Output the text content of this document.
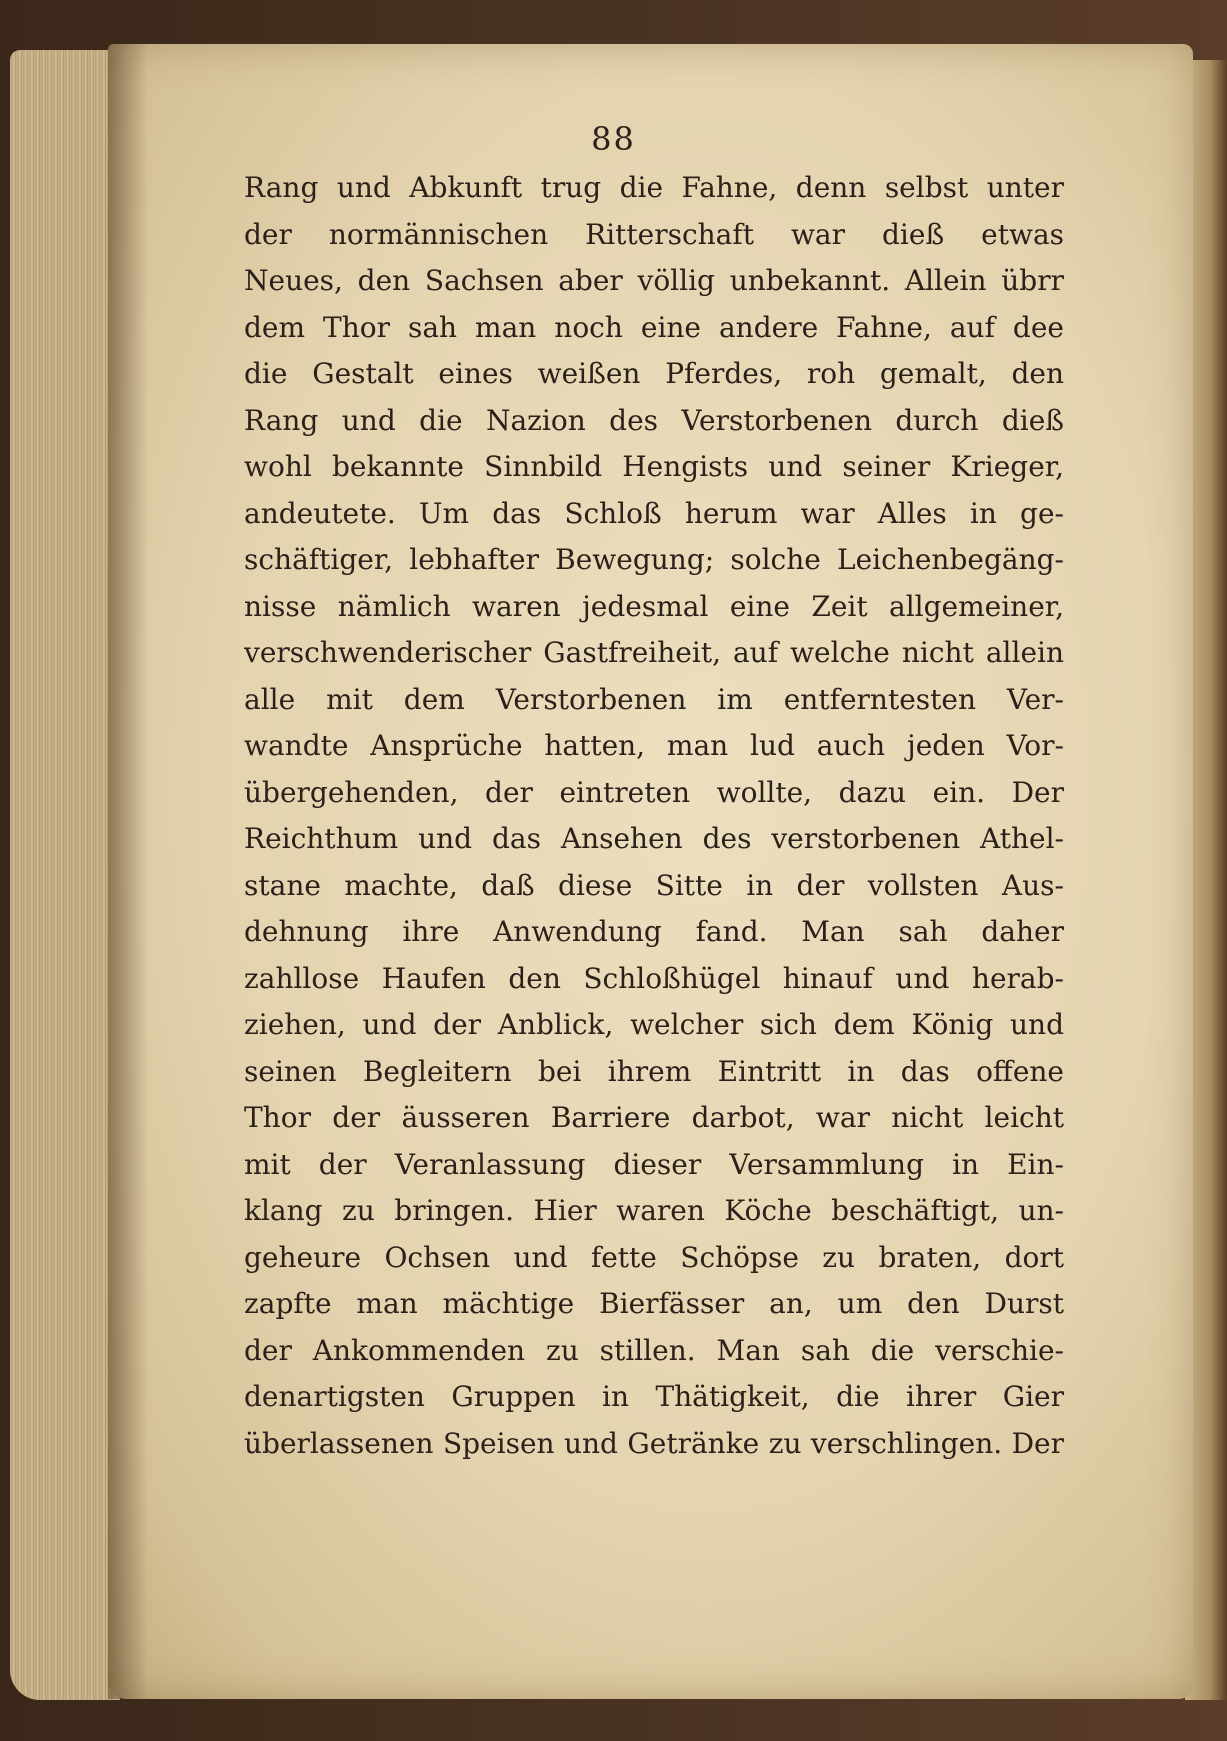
88
Rang und Abkunft trug die Fahne, denn selbst unter
der normännischen Ritterschaft war dieß etwas
Neues, den Sachsen aber völlig unbekannt. Allein übrr
dem Thor sah man noch eine andere Fahne, auf dee
die Gestalt eines weißen Pferdes, roh gemalt, den
Rang und die Nazion des Verstorbenen durch dieß
wohl bekannte Sinnbild Hengists und seiner Krieger,
andeutete. Um das Schloß herum war Alles in ge-
schäftiger, lebhafter Bewegung; solche Leichenbegäng-
nisse nämlich waren jedesmal eine Zeit allgemeiner,
verschwenderischer Gastfreiheit, auf welche nicht allein
alle mit dem Verstorbenen im entferntesten Ver-
wandte Ansprüche hatten, man lud auch jeden Vor-
übergehenden, der eintreten wollte, dazu ein. Der
Reichthum und das Ansehen des verstorbenen Athel-
stane machte, daß diese Sitte in der vollsten Aus-
dehnung ihre Anwendung fand. Man sah daher
zahllose Haufen den Schloßhügel hinauf und herab-
ziehen, und der Anblick, welcher sich dem König und
seinen Begleitern bei ihrem Eintritt in das offene
Thor der äusseren Barriere darbot, war nicht leicht
mit der Veranlassung dieser Versammlung in Ein-
klang zu bringen. Hier waren Köche beschäftigt, un-
geheure Ochsen und fette Schöpse zu braten, dort
zapfte man mächtige Bierfässer an, um den Durst
der Ankommenden zu stillen. Man sah die verschie-
denartigsten Gruppen in Thätigkeit, die ihrer Gier
überlassenen Speisen und Getränke zu verschlingen. Der
